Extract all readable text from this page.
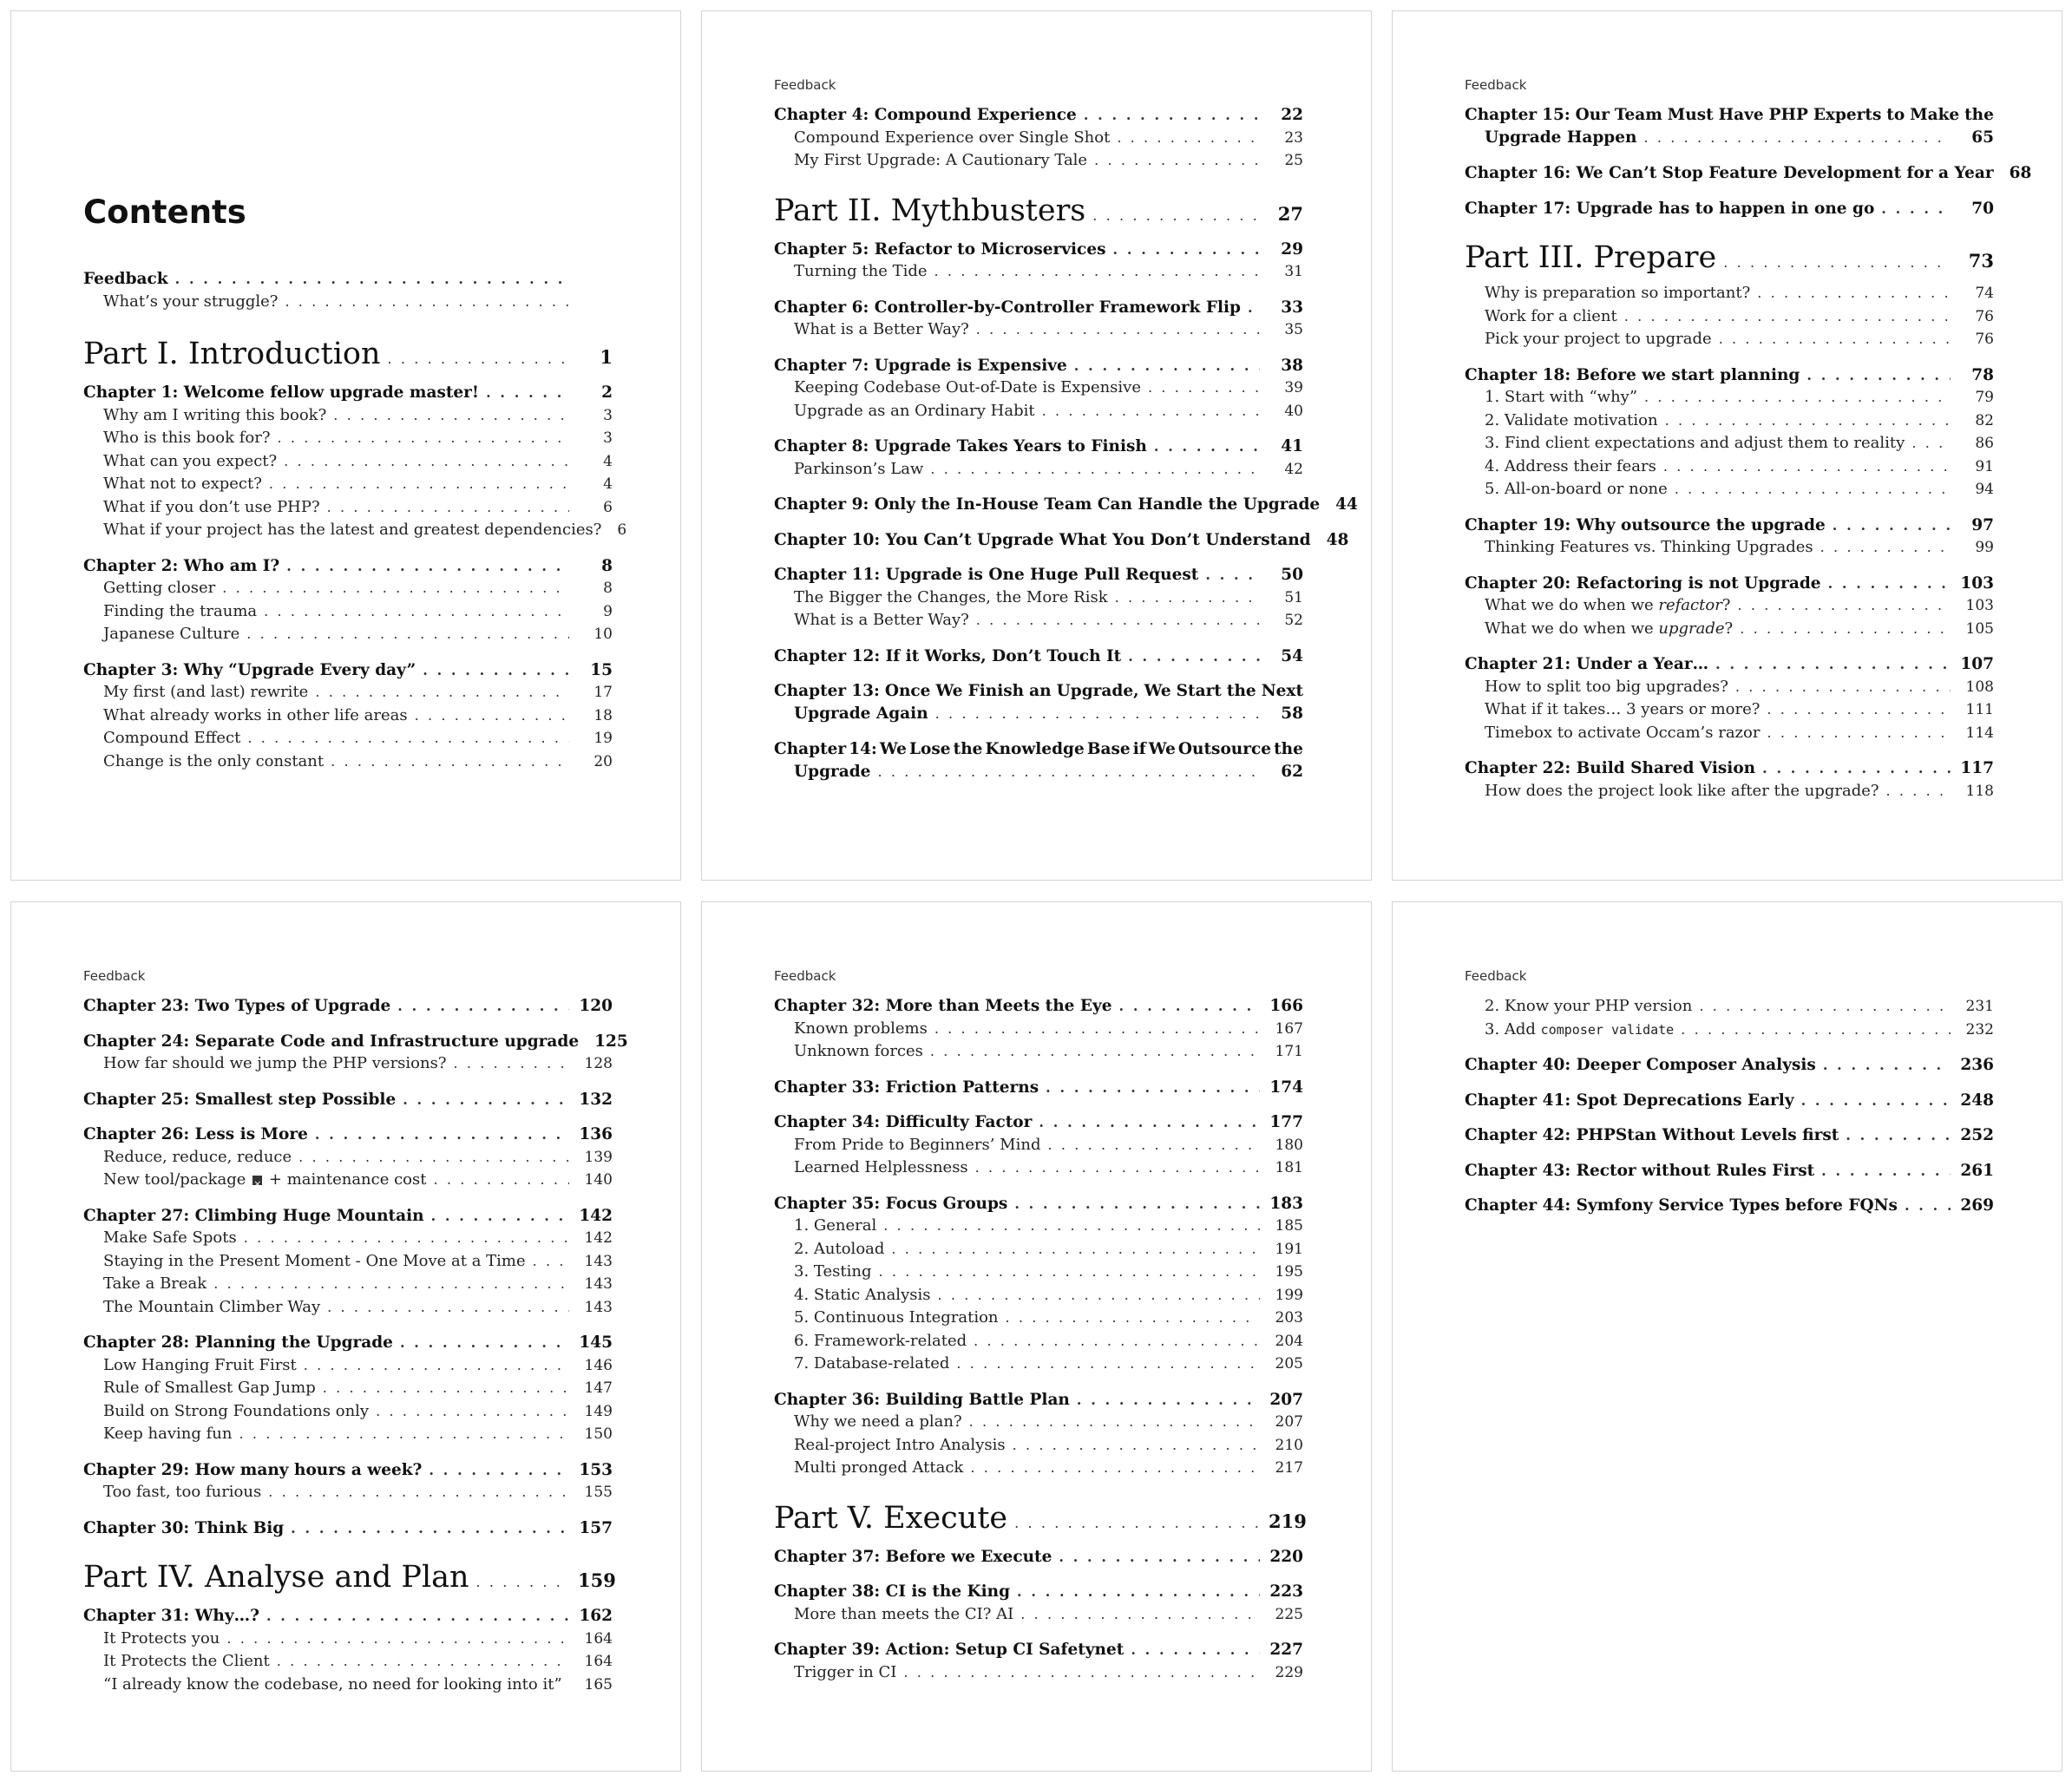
Contents
Feedback
. . .
What’s your struggle?
. . .
Part I. Introduction . . .	1
Chapter 1: Welcome fellow upgrade master! . . .	2
Why am I writing this book? . . .	3
Who is this book for? . . .	3
What can you expect? . . .	4
What not to expect? . . .	4
What if you don’t use PHP? . . .	6
What if your project has the latest and greatest dependencies? 6
Chapter 2: Who am I? . . .	8
Getting closer . . .	8
Finding the trauma . . .	9
Japanese Culture . . .	10
Chapter 3: Why “Upgrade Every day” . . .	15
My first (and last) rewrite . . .	17
What already works in other life areas . . .	18
Compound Effect . . .	19
Change is the only constant . . .	20
Feedback
Chapter 4: Compound Experience . . .	22
Compound Experience over Single Shot . . .	23
My First Upgrade: A Cautionary Tale . . .	25
Part II. Mythbusters . . .	27
Chapter 5: Refactor to Microservices . . .	29
Turning the Tide . . .	31
Chapter 6: Controller-by-Controller Framework Flip . . .	33
What is a Better Way? . . .	35
Chapter 7: Upgrade is Expensive . . .	38
Keeping Codebase Out-of-Date is Expensive . . .	39
Upgrade as an Ordinary Habit . . .	40
Chapter 8: Upgrade Takes Years to Finish . . .	41
Parkinson’s Law . . .	42
Chapter 9: Only the In-House Team Can Handle the Upgrade 44
Chapter 10: You Can’t Upgrade What You Don’t Understand 48
Chapter 11: Upgrade is One Huge Pull Request . . .	50
The Bigger the Changes, the More Risk . . .	51
What is a Better Way? . . .	52
Chapter 12: If it Works, Don’t Touch It . . .	54
Chapter 13: Once We Finish an Upgrade, We Start the Next
Upgrade Again . . .	58
Chapter 14: We Lose the Knowledge Base if We Outsource the
Upgrade . . .	62
Feedback
Chapter 15: Our Team Must Have PHP Experts to Make the
Upgrade Happen . . .	65
Chapter 16: We Can’t Stop Feature Development for a Year 68
Chapter 17: Upgrade has to happen in one go . . .	70
Part III. Prepare . . .	73
Why is preparation so important? . . .	74
Work for a client . . .	76
Pick your project to upgrade . . .	76
Chapter 18: Before we start planning . . .	78
1. Start with “why” . . .	79
2. Validate motivation . . .	82
3. Find client expectations and adjust them to reality . . .	86
4. Address their fears . . .	91
5. All-on-board or none . . .	94
Chapter 19: Why outsource the upgrade . . .	97
Thinking Features vs. Thinking Upgrades . . .	99
Chapter 20: Refactoring is not Upgrade . . .	103
What we do when we refactor? . . .	103
What we do when we upgrade? . . .	105
Chapter 21: Under a Year… . . .	107
How to split too big upgrades? . . .	108
What if it takes… 3 years or more? . . .	111
Timebox to activate Occam’s razor . . .	114
Chapter 22: Build Shared Vision . . .	117
How does the project look like after the upgrade? . . .	118
Feedback
Chapter 23: Two Types of Upgrade . . .	120
Chapter 24: Separate Code and Infrastructure upgrade 125
How far should we jump the PHP versions? . . .	128
Chapter 25: Smallest step Possible . . .	132
Chapter 26: Less is More . . .	136
Reduce, reduce, reduce . . .	139
New tool/package × + maintenance cost . . .	140
Chapter 27: Climbing Huge Mountain . . .	142
Make Safe Spots . . .	142
Staying in the Present Moment - One Move at a Time . . .	143
Take a Break . . .	143
The Mountain Climber Way . . .	143
Chapter 28: Planning the Upgrade . . .	145
Low Hanging Fruit First . . .	146
Rule of Smallest Gap Jump . . .	147
Build on Strong Foundations only . . .	149
Keep having fun . . .	150
Chapter 29: How many hours a week? . . .	153
Too fast, too furious . . .	155
Chapter 30: Think Big . . .	157
Part IV. Analyse and Plan . . .	159
Chapter 31: Why…? . . .	162
It Protects you . . .	164
It Protects the Client . . .	164
“I already know the codebase, no need for looking into it” . . .	165
Feedback
Chapter 32: More than Meets the Eye . . .	166
Known problems . . .	167
Unknown forces . . .	171
Chapter 33: Friction Patterns . . .	174
Chapter 34: Difficulty Factor . . .	177
From Pride to Beginners’ Mind . . .	180
Learned Helplessness . . .	181
Chapter 35: Focus Groups . . .	183
1. General . . .	185
2. Autoload . . .	191
3. Testing . . .	195
4. Static Analysis . . .	199
5. Continuous Integration . . .	203
6. Framework-related . . .	204
7. Database-related . . .	205
Chapter 36: Building Battle Plan . . .	207
Why we need a plan? . . .	207
Real-project Intro Analysis . . .	210
Multi pronged Attack . . .	217
Part V. Execute . . .	219
Chapter 37: Before we Execute . . .	220
Chapter 38: CI is the King . . .	223
More than meets the CI? AI . . .	225
Chapter 39: Action: Setup CI Safetynet . . .	227
Trigger in CI . . .	229
Feedback
2. Know your PHP version . . .	231
3. Add composer validate . . .	232
Chapter 40: Deeper Composer Analysis . . .	236
Chapter 41: Spot Deprecations Early . . .	248
Chapter 42: PHPStan Without Levels first . . .	252
Chapter 43: Rector without Rules First . . .	261
Chapter 44: Symfony Service Types before FQNs . . .	269
